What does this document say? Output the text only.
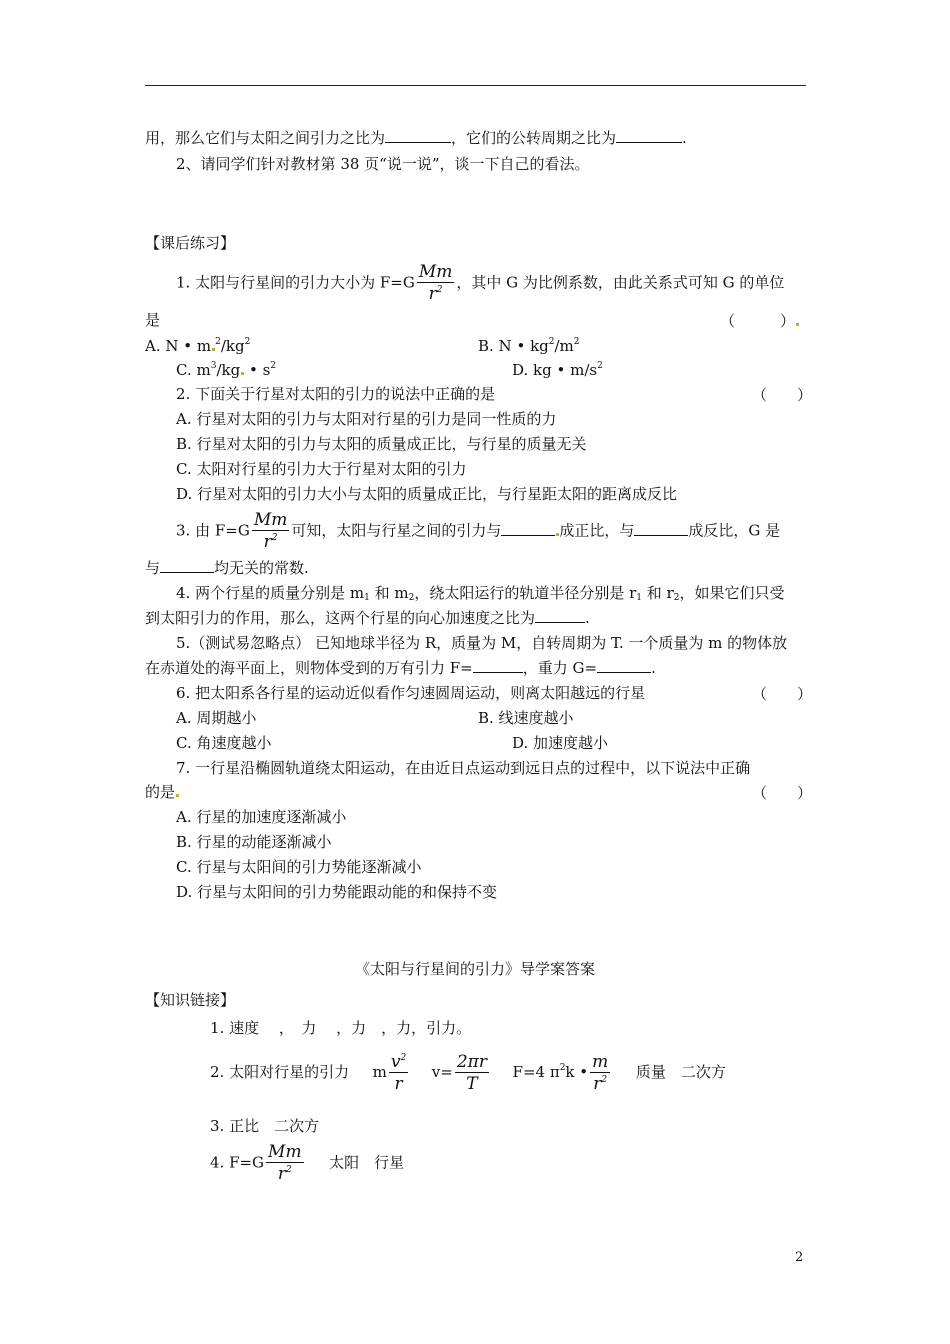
用，那么它们与太阳之间引力之比为	，它们的公转周期之比为	.
2、请同学们针对教材第 38 页“说一说”，谈一下自己的看法。
【课后练习】
1. 太阳与行星间的引力大小为 $F=G \frac{Mm}{r^2}$ ，其中 G 为比例系数，由此关系式可知 G 的单位
是	（　　　）
A. N • m $^2/kg^2$	B. N • $kg^2/m^2$
C. $m^3/kg$ • $s^2$	D. kg • $m/s^2$
2. 下面关于行星对太阳的引力的说法中正确的是	（　　）
A. 行星对太阳的引力与太阳对行星的引力是同一性质的力
B. 行星对太阳的引力与太阳的质量成正比，与行星的质量无关
C. 太阳对行星的引力大于行星对太阳的引力
D. 行星对太阳的引力大小与太阳的质量成正比，与行星距太阳的距离成反比
3. 由 $F=G \frac{Mm}{r^2}$ 可知，太阳与行星之间的引力与	成正比，与	成反比，G 是
与	均无关的常数.
4. 两个行星的质量分别是 $m_1$ 和 $m_2$，绕太阳运行的轨道半径分别是 $r_1$ 和 $r_2$，如果它们只受
到太阳引力的作用，那么，这两个行星的向心加速度之比为	.
5.（测试易忽略点） 已知地球半径为 R，质量为 M，自转周期为 T. 一个质量为 m 的物体放
在赤道处的海平面上，则物体受到的万有引力 F=	，重力 G=	.
6. 把太阳系各行星的运动近似看作匀速圆周运动，则离太阳越远的行星	（　　）
A. 周期越小	B. 线速度越小
C. 角速度越小	D. 加速度越小
7. 一行星沿椭圆轨道绕太阳运动，在由近日点运动到远日点的过程中，以下说法中正确
的是	（　　）
A. 行星的加速度逐渐减小
B. 行星的动能逐渐减小
C. 行星与太阳间的引力势能逐渐减小
D. 行星与太阳间的引力势能跟动能的和保持不变
《太阳与行星间的引力》导学案答案
【知识链接】
1. 速度　 ，　力　 ，力　，力，引力。
2. 太阳对行星的引力 m $\frac{v^2}{r} v= \frac{2\pi r}{T} F=4$ $\pi^2k$ • $\frac{m}{r^2}$ 质量　二次方
3. 正比　二次方
4. $F=G \frac{Mm}{r^2}$ 太阳　行星
2
